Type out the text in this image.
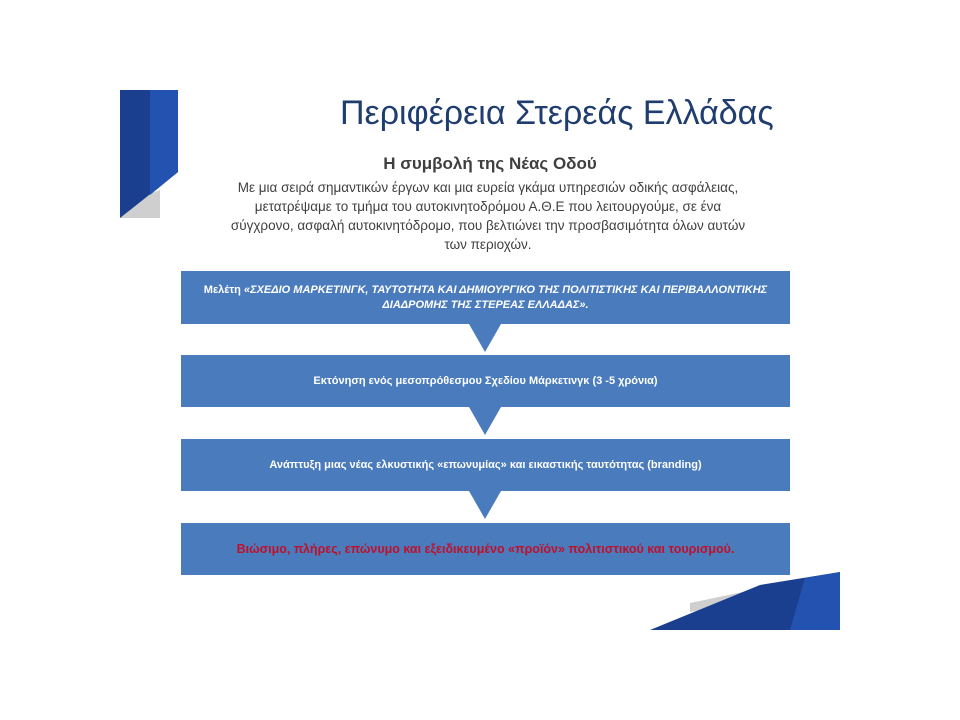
Περιφέρεια Στερεάς Ελλάδας
Η συμβολή της Νέας Οδού
Με μια σειρά σημαντικών έργων και μια ευρεία γκάμα υπηρεσιών οδικής ασφάλειας, μετατρέψαμε το τμήμα του αυτοκινητοδρόμου Α.Θ.Ε που λειτουργούμε, σε ένα σύγχρονο, ασφαλή αυτοκινητόδρομο, που βελτιώνει την προσβασιμότητα όλων αυτών των περιοχών.
Μελέτη «ΣΧΕΔΙΟ ΜΑΡΚΕΤΙΝΓΚ, ΤΑΥΤΟΤΗΤΑ ΚΑΙ ΔΗΜΙΟΥΡΓΙΚΟ ΤΗΣ ΠΟΛΙΤΙΣΤΙΚΗΣ ΚΑΙ ΠΕΡΙΒΑΛΛΟΝΤΙΚΗΣ ΔΙΑΔΡΟΜΗΣ ΤΗΣ ΣΤΕΡΕΑΣ ΕΛΛΑΔΑΣ».
Εκτόνηση ενός μεσοπρόθεσμου Σχεδίου Μάρκετινγκ (3 -5 χρόνια)
Ανάπτυξη μιας νέας ελκυστικής «επωνυμίας» και εικαστικής ταυτότητας (branding)
Βιώσιμο, πλήρες, επώνυμο και εξειδικευμένο «προϊόν» πολιτιστικού και τουρισμού.
